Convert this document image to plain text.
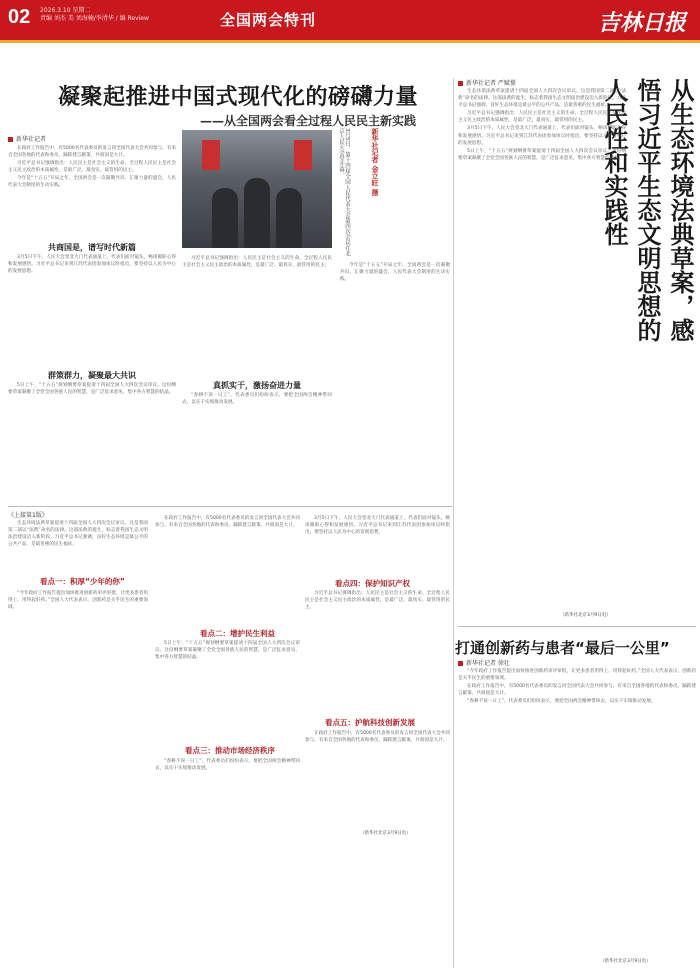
02 2026.3.10 星期二
责编 刘杰 美 刘海楠/李清华 / 编 Review	全国两会特刊	吉林日报
凝聚起推进中国式现代化的磅礴力量
——从全国两会看全过程人民民主新实践
新华社记者

在政府工作报告中，有5000名代表委员的发言同全国代表大会共同参与，有来自全国各地的代表和委员，踊跃建言献策，共商国是大计。

习近平总书记强调指出：人民民主是社会主义的生命。全过程人民民主是社会主义民主政治的本质属性，是最广泛、最真实、最管用的民主。

今年是“十五五”开局之年，全国两会是一次凝聚共识、汇聚力量的盛会，人民代表大会制度的生动实践。

共商国是，谱写时代新篇

3月5日下午，人民大会堂北大门代表通道上，代表们面对镜头，畅谈履职心得和发展感悟。习近平总书记来到江苏代表团参加审议时指出，要坚持以人民为中心的发展思想。

群策群力，凝聚最大共识

5日上午，“十五五”规划纲要草案提请十四届全国人大四次会议审议。这份纲要草案凝聚了全党全国各族人民的智慧，是广泛征求意见、集中各方智慧的结晶。

真抓实干，激扬奋进力量

“春耕不误一日工”，代表委员们纷纷表示，要把全国两会精神带回去，以实干实绩推动发展。

3月5日，第十四届全国人民代表大会第四次会议在北京人民大会堂开幕。	新华社记者 金立旺 摄

习近平总书记强调指出：人民民主是社会主义的生命。全过程人民民主是社会主义民主政治的本质属性，是最广泛、最真实、最管用的民主。	今年是“十五五”开局之年，全国两会是一次凝聚共识、汇聚力量的盛会，人民代表大会制度的生动实践。

《上接第1版》
看点一：积厚“少年的你”

生态环境法典草案提请十四届全国人大四次会议审议。这是我国第二部以“法典”命名的法律。这部法典的诞生，标志着我国生态文明法治建设迈入新阶段。习近平总书记强调，良好生态环境是最公平的公共产品，是最普惠的民生福祉。

“今年政府工作报告提出加快推进创新药审评审批，让更多患者用得上、用得起好药。”全国人大代表表示，创新药是关乎民生的重要领域。

看点二：增护民生利益

在政府工作报告中，有5000名代表委员的发言同全国代表大会共同参与，有来自全国各地的代表和委员，踊跃建言献策，共商国是大计。

5日上午，“十五五”规划纲要草案提请十四届全国人大四次会议审议。这份纲要草案凝聚了全党全国各族人民的智慧，是广泛征求意见、集中各方智慧的结晶。

看点三：推动市场经济秩序

“春耕不误一日工”，代表委员们纷纷表示，要把全国两会精神带回去，以实干实绩推动发展。

看点四：保护知识产权

3月5日下午，人民大会堂北大门代表通道上，代表们面对镜头，畅谈履职心得和发展感悟。习近平总书记来到江苏代表团参加审议时指出，要坚持以人民为中心的发展思想。

习近平总书记强调指出：人民民主是社会主义的生命。全过程人民民主是社会主义民主政治的本质属性，是最广泛、最真实、最管用的民主。

看点五：护航科技创新发展

在政府工作报告中，有5000名代表委员的发言同全国代表大会共同参与，有来自全国各地的代表和委员，踊跃建言献策，共商国是大计。

（新华社北京3月9日电）
新华社记者 严赋憬	从生态环境法典草案，感悟习近平生态文明思想的人民性和实践性

生态环境法典草案提请十四届全国人大四次会议审议。这是我国第二部以“法典”命名的法律。这部法典的诞生，标志着我国生态文明法治建设迈入新阶段。习近平总书记强调，良好生态环境是最公平的公共产品，是最普惠的民生福祉。

习近平总书记强调指出：人民民主是社会主义的生命。全过程人民民主是社会主义民主政治的本质属性，是最广泛、最真实、最管用的民主。

3月5日下午，人民大会堂北大门代表通道上，代表们面对镜头，畅谈履职心得和发展感悟。习近平总书记来到江苏代表团参加审议时指出，要坚持以人民为中心的发展思想。

5日上午，“十五五”规划纲要草案提请十四届全国人大四次会议审议。这份纲要草案凝聚了全党全国各族人民的智慧，是广泛征求意见、集中各方智慧的结晶。

（新华社北京3月9日电）
打通创新药与患者“最后一公里”
新华社记者 徐壮

“今年政府工作报告提出加快推进创新药审评审批，让更多患者用得上、用得起好药。”全国人大代表表示，创新药是关乎民生的重要领域。

在政府工作报告中，有5000名代表委员的发言同全国代表大会共同参与，有来自全国各地的代表和委员，踊跃建言献策，共商国是大计。

“春耕不误一日工”，代表委员们纷纷表示，要把全国两会精神带回去，以实干实绩推动发展。

（新华社北京3月9日电）
